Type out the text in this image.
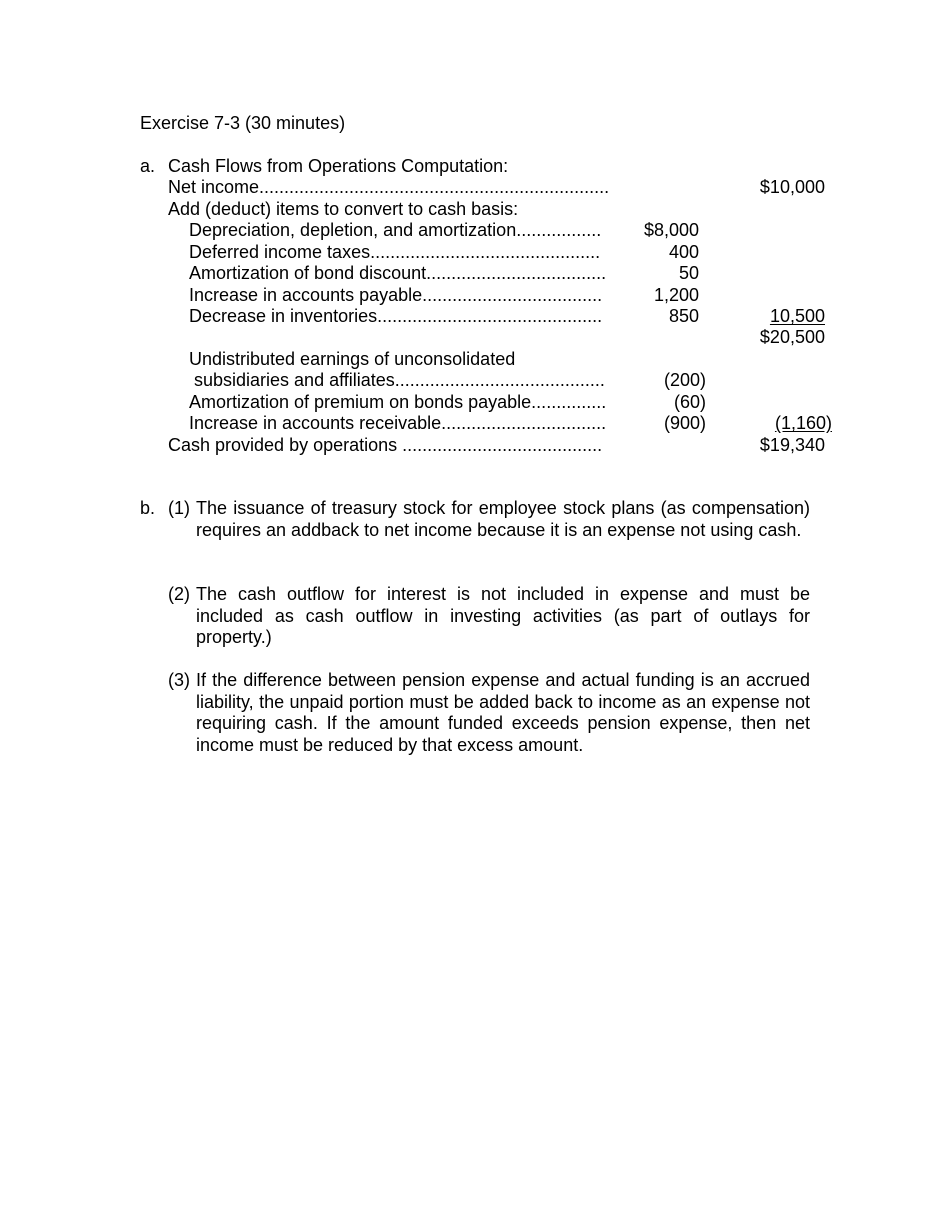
Exercise 7-3 (30 minutes)
a. Cash Flows from Operations Computation:
Net income......................................................................	$10,000
Add (deduct) items to convert to cash basis:
Depreciation, depletion, and amortization.................	$8,000
Deferred income taxes..............................................	400
Amortization of bond discount....................................	50
Increase in accounts payable....................................	1,200
Decrease in inventories.............................................	850	10,500
$20,500
Undistributed earnings of unconsolidated
subsidiaries and affiliates..........................................	(200)
Amortization of premium on bonds payable...............	(60)
Increase in accounts receivable.................................	(900)	(1,160)
Cash provided by operations ........................................	$19,340
b. (1) The issuance of treasury stock for employee stock plans (as compensation) requires an addback to net income because it is an expense not using cash.
(2) The cash outflow for interest is not included in expense and must be included as cash outflow in investing activities (as part of outlays for property.)
(3) If the difference between pension expense and actual funding is an accrued liability, the unpaid portion must be added back to income as an expense not requiring cash. If the amount funded exceeds pension expense, then net income must be reduced by that excess amount.
